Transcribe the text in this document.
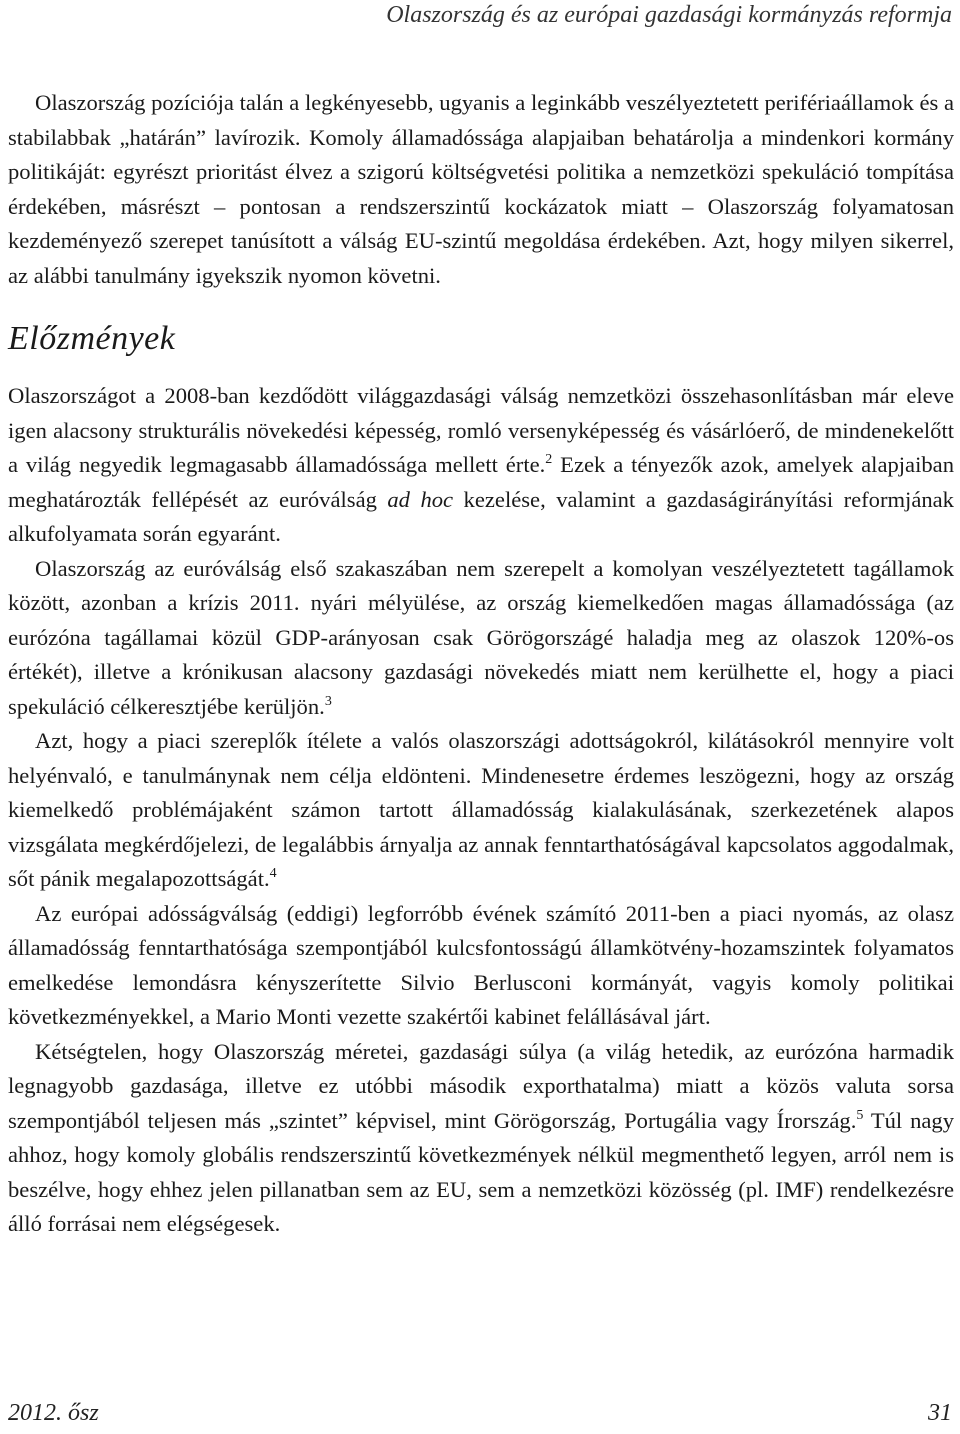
Olaszország és az európai gazdasági kormányzás reformja

Olaszország pozíciója talán a legkényesebb, ugyanis a leginkább veszélyeztetett perifériaállamok és a stabilabbak „határán” lavírozik. Komoly államadóssága alapjaiban behatárolja a mindenkori kormány politikáját: egyrészt prioritást élvez a szigorú költségvetési politika a nemzetközi spekuláció tompítása érdekében, másrészt – pontosan a rendszerszintű kockázatok miatt – Olaszország folyamatosan kezdeményező szerepet tanúsított a válság EU-szintű megoldása érdekében. Azt, hogy milyen sikerrel, az alábbi tanulmány igyekszik nyomon követni.

Előzmények

Olaszországot a 2008-ban kezdődött világgazdasági válság nemzetközi összehasonlításban már eleve igen alacsony strukturális növekedési képesség, romló versenyképesség és vásárlóerő, de mindenekelőtt a világ negyedik legmagasabb államadóssága mellett érte.$^2$ Ezek a tényezők azok, amelyek alapjaiban meghatározták fellépését az euróválság ad hoc kezelése, valamint a gazdaságirányítási reformjának alkufolyamata során egyaránt.

Olaszország az euróválság első szakaszában nem szerepelt a komolyan veszélyeztetett tagállamok között, azonban a krízis 2011. nyári mélyülése, az ország kiemelkedően magas államadóssága (az eurózóna tagállamai közül GDP-arányosan csak Görögországé haladja meg az olaszok 120%-os értékét), illetve a krónikusan alacsony gazdasági növekedés miatt nem kerülhette el, hogy a piaci spekuláció célkeresztjébe kerüljön.$^3$

Azt, hogy a piaci szereplők ítélete a valós olaszországi adottságokról, kilátásokról mennyire volt helyénvaló, e tanulmánynak nem célja eldönteni. Mindenesetre érdemes leszögezni, hogy az ország kiemelkedő problémájaként számon tartott államadósság kialakulásának, szerkezetének alapos vizsgálata megkérdőjelezi, de legalábbis árnyalja az annak fenntarthatóságával kapcsolatos aggodalmak, sőt pánik megalapozottságát.$^4$

Az európai adósságválság (eddigi) legforróbb évének számító 2011-ben a piaci nyomás, az olasz államadósság fenntarthatósága szempontjából kulcsfontosságú államkötvény-hozamszintek folyamatos emelkedése lemondásra kényszerítette Silvio Berlusconi kormányát, vagyis komoly politikai következményekkel, a Mario Monti vezette szakértői kabinet felállásával járt.

Kétségtelen, hogy Olaszország méretei, gazdasági súlya (a világ hetedik, az eurózóna harmadik legnagyobb gazdasága, illetve ez utóbbi második exporthatalma) miatt a közös valuta sorsa szempontjából teljesen más „szintet” képvisel, mint Görögország, Portugália vagy Írország.$^5$ Túl nagy ahhoz, hogy komoly globális rendszerszintű következmények nélkül megmenthető legyen, arról nem is beszélve, hogy ehhez jelen pillanatban sem az EU, sem a nemzetközi közösség (pl. IMF) rendelkezésre álló forrásai nem elégségesek.

2012. ősz	31
